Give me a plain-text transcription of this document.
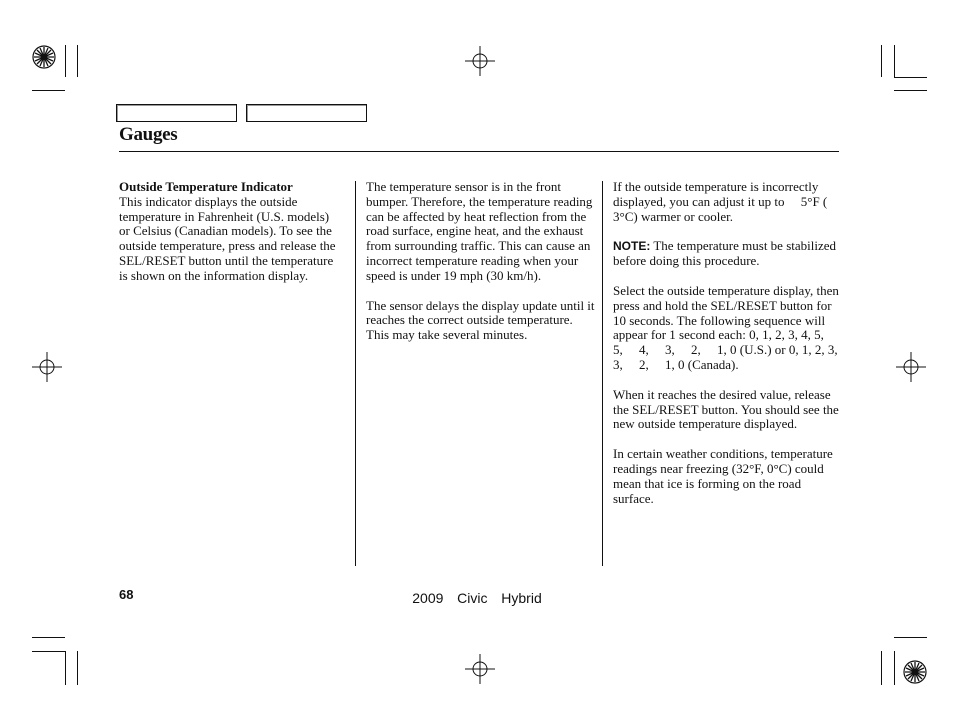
Gauges

Outside Temperature Indicator
This indicator displays the outside temperature in Fahrenheit (U.S. models) or Celsius (Canadian models). To see the outside temperature, press and release the SEL/RESET button until the temperature is shown on the information display.

The temperature sensor is in the front bumper. Therefore, the temperature reading can be affected by heat reflection from the road surface, engine heat, and the exhaust from surrounding traffic. This can cause an incorrect temperature reading when your speed is under 19 mph (30 km/h).

The sensor delays the display update until it reaches the correct outside temperature. This may take several minutes.

If the outside temperature is incorrectly displayed, you can adjust it up to     5°F (    3°C) warmer or cooler.

NOTE: The temperature must be stabilized before doing this procedure.

Select the outside temperature display, then press and hold the SEL/RESET button for 10 seconds. The following sequence will appear for 1 second each: 0, 1, 2, 3, 4, 5,     5,     4,     3,     2,     1, 0 (U.S.) or 0, 1, 2, 3,     3,     2,     1, 0 (Canada).

When it reaches the desired value, release the SEL/RESET button. You should see the new outside temperature displayed.

In certain weather conditions, temperature readings near freezing (32°F, 0°C) could mean that ice is forming on the road surface.

68	2009  Civic  Hybrid
